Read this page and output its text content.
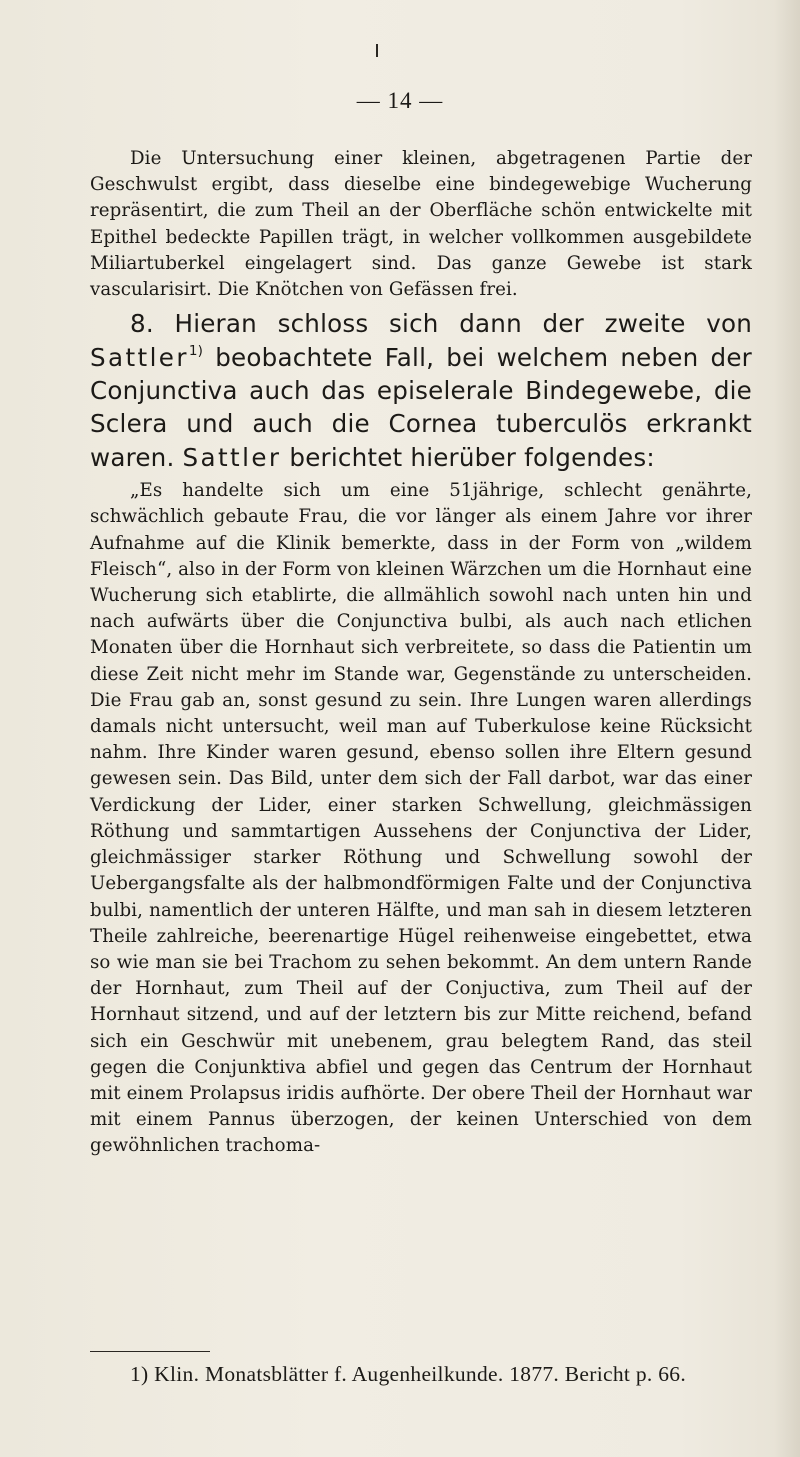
— 14 —

Die Untersuchung einer kleinen, abgetragenen Partie der Geschwulst ergibt, dass dieselbe eine bindegewebige Wucherung repräsentirt, die zum Theil an der Oberfläche schön entwickelte mit Epithel bedeckte Papillen trägt, in welcher vollkommen ausgebildete Miliartuberkel eingelagert sind. Das ganze Gewebe ist stark vascularisirt. Die Knötchen von Gefässen frei.

8. Hieran schloss sich dann der zweite von Sattler$^{1)}$ beobachtete Fall, bei welchem neben der Conjunctiva auch das episelerale Bindegewebe, die Sclera und auch die Cornea tuberculös erkrankt waren. Sattler berichtet hierüber folgendes:

„Es handelte sich um eine 51jährige, schlecht genährte, schwächlich gebaute Frau, die vor länger als einem Jahre vor ihrer Aufnahme auf die Klinik bemerkte, dass in der Form von „wildem Fleisch“, also in der Form von kleinen Wärzchen um die Hornhaut eine Wucherung sich etablirte, die allmählich sowohl nach unten hin und nach aufwärts über die Conjunctiva bulbi, als auch nach etlichen Monaten über die Hornhaut sich verbreitete, so dass die Patientin um diese Zeit nicht mehr im Stande war, Gegenstände zu unterscheiden. Die Frau gab an, sonst gesund zu sein. Ihre Lungen waren allerdings damals nicht untersucht, weil man auf Tuberkulose keine Rücksicht nahm. Ihre Kinder waren gesund, ebenso sollen ihre Eltern gesund gewesen sein. Das Bild, unter dem sich der Fall darbot, war das einer Verdickung der Lider, einer starken Schwellung, gleichmässigen Röthung und sammtartigen Aussehens der Conjunctiva der Lider, gleichmässiger starker Röthung und Schwellung sowohl der Uebergangsfalte als der halbmondförmigen Falte und der Conjunctiva bulbi, namentlich der unteren Hälfte, und man sah in diesem letzteren Theile zahlreiche, beerenartige Hügel reihenweise eingebettet, etwa so wie man sie bei Trachom zu sehen bekommt. An dem untern Rande der Hornhaut, zum Theil auf der Conjuctiva, zum Theil auf der Hornhaut sitzend, und auf der letztern bis zur Mitte reichend, befand sich ein Geschwür mit unebenem, grau belegtem Rand, das steil gegen die Conjunktiva abfiel und gegen das Centrum der Hornhaut mit einem Prolapsus iridis aufhörte. Der obere Theil der Hornhaut war mit einem Pannus überzogen, der keinen Unterschied von dem gewöhnlichen trachoma-

1) Klin. Monatsblätter f. Augenheilkunde. 1877. Bericht p. 66.
